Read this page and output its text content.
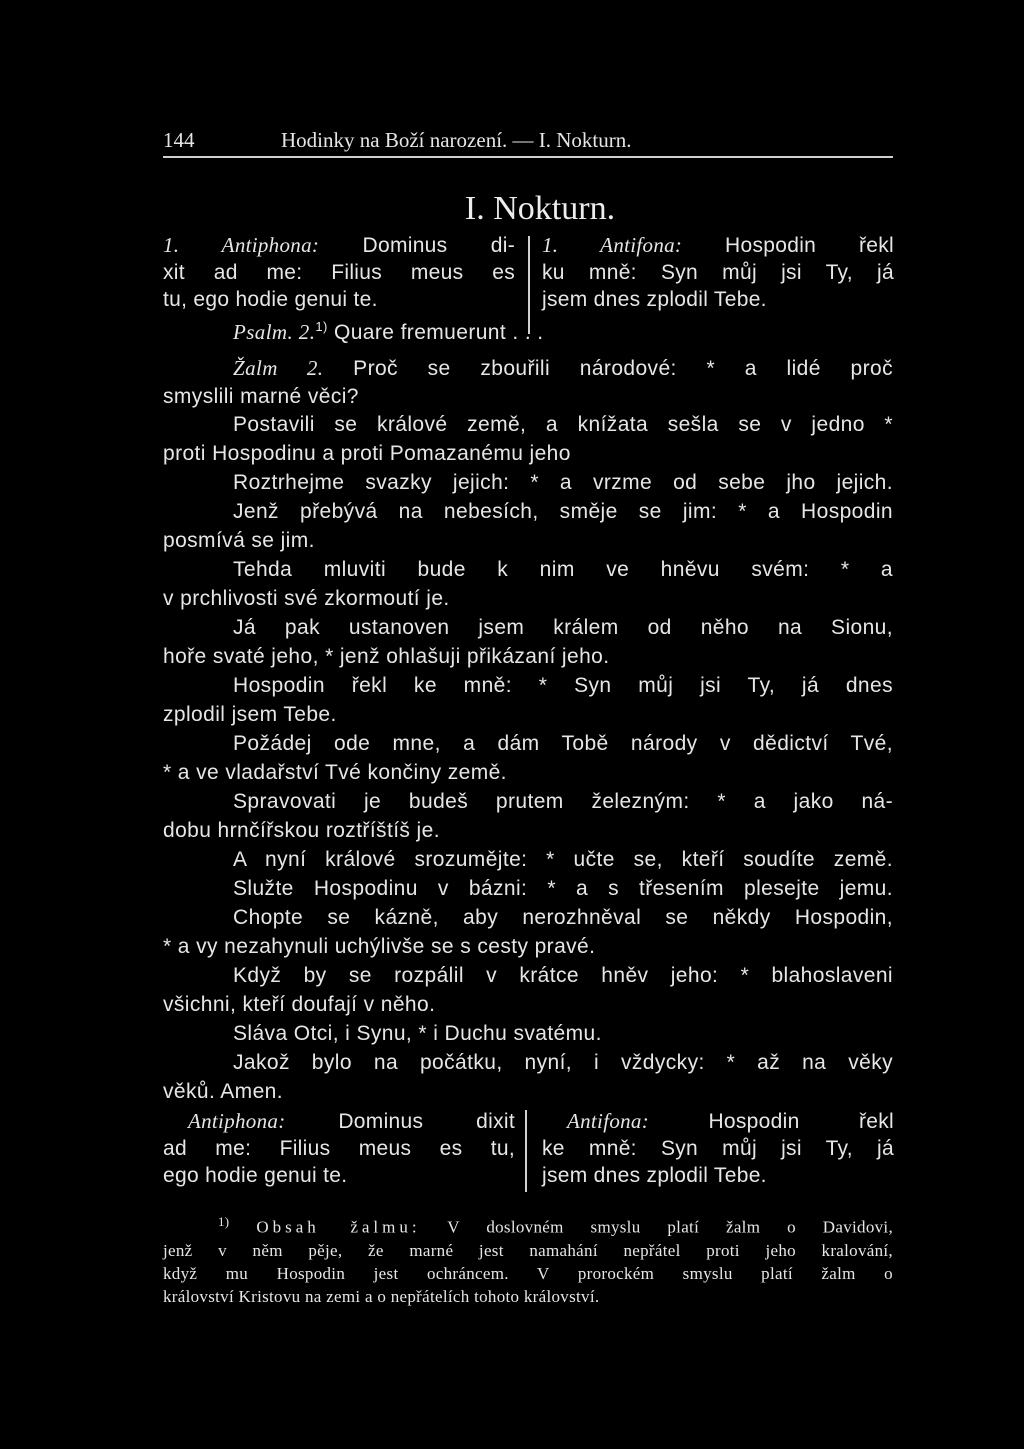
144	Hodinky na Boží narození. — I. Nokturn.
I. Nokturn.
1. Antiphona: Dominus di-
xit ad me: Filius meus es
tu, ego hodie genui te.
1. Antifona: Hospodin řekl
ku mně: Syn můj jsi Ty, já
jsem dnes zplodil Tebe.
Psalm. 2.$^{1)}$ Quare fremuerunt . . .
Žalm 2. Proč se zbouřili národové: * a lidé proč
smyslili marné věci?
Postavili se králové země, a knížata sešla se v jedno *
proti Hospodinu a proti Pomazanému jeho
Roztrhejme svazky jejich: * a vrzme od sebe jho jejich.
Jenž přebývá na nebesích, směje se jim: * a Hospodin
posmívá se jim.
Tehda mluviti bude k nim ve hněvu svém: * a
v prchlivosti své zkormoutí je.
Já pak ustanoven jsem králem od něho na Sionu,
hoře svaté jeho, * jenž ohlašuji přikázaní jeho.
Hospodin řekl ke mně: * Syn můj jsi Ty, já dnes
zplodil jsem Tebe.
Požádej ode mne, a dám Tobě národy v dědictví Tvé,
* a ve vladařství Tvé končiny země.
Spravovati je budeš prutem železným: * a jako ná-
dobu hrnčířskou roztříštíš je.
A nyní králové srozumějte: * učte se, kteří soudíte země.
Služte Hospodinu v bázni: * a s třesením plesejte jemu.
Chopte se kázně, aby nerozhněval se někdy Hospodin,
* a vy nezahynuli uchýlivše se s cesty pravé.
Když by se rozpálil v krátce hněv jeho: * blahoslaveni
všichni, kteří doufají v něho.
Sláva Otci, i Synu, * i Duchu svatému.
Jakož bylo na počátku, nyní, i vždycky: * až na věky
věků. Amen.
Antiphona:	Dominus dixit
ad me: Filius meus es tu,
ego hodie genui te.
Antifona:	Hospodin řekl
ke mně: Syn můj jsi Ty, já
jsem dnes zplodil Tebe.
$^{1)}$ Obsah žalmu: V doslovném smyslu platí žalm o Davidovi,
jenž v něm pěje, že marné jest namahání nepřátel proti jeho kralování,
když mu Hospodin jest ochráncem. V prorockém smyslu platí žalm o
království Kristovu na zemi a o nepřátelích tohoto království.
